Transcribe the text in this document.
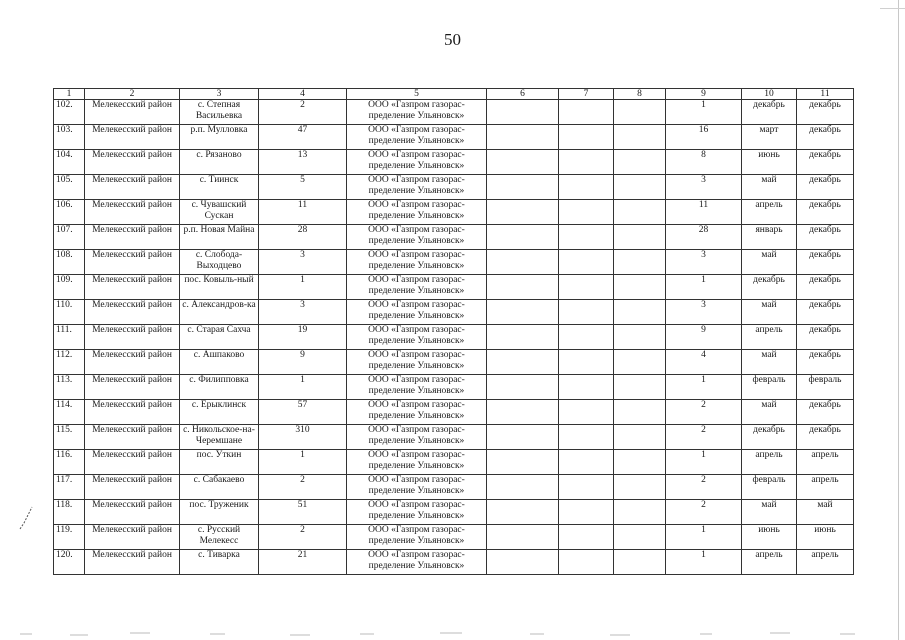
50
1	2	3	4	5	6	7	8	9	10	11
102.	Мелекесский район	с. Степная Васильевка	2	ООО «Газпром газорас-пределение Ульяновск»				1	декабрь	декабрь
103.	Мелекесский район	р.п. Мулловка	47	ООО «Газпром газорас-пределение Ульяновск»				16	март	декабрь
104.	Мелекесский район	с. Рязаново	13	ООО «Газпром газорас-пределение Ульяновск»				8	июнь	декабрь
105.	Мелекесский район	с. Тиинск	5	ООО «Газпром газорас-пределение Ульяновск»				3	май	декабрь
106.	Мелекесский район	с. Чувашский Сускан	11	ООО «Газпром газорас-пределение Ульяновск»				11	апрель	декабрь
107.	Мелекесский район	р.п. Новая Майна	28	ООО «Газпром газорас-пределение Ульяновск»				28	январь	декабрь
108.	Мелекесский район	с. Слобода-Выходцево	3	ООО «Газпром газорас-пределение Ульяновск»				3	май	декабрь
109.	Мелекесский район	пос. Ковыль-ный	1	ООО «Газпром газорас-пределение Ульяновск»				1	декабрь	декабрь
110.	Мелекесский район	с. Александров-ка	3	ООО «Газпром газорас-пределение Ульяновск»				3	май	декабрь
111.	Мелекесский район	с. Старая Сахча	19	ООО «Газпром газорас-пределение Ульяновск»				9	апрель	декабрь
112.	Мелекесский район	с. Ашпаково	9	ООО «Газпром газорас-пределение Ульяновск»				4	май	декабрь
113.	Мелекесский район	с. Филипповка	1	ООО «Газпром газорас-пределение Ульяновск»				1	февраль	февраль
114.	Мелекесский район	с. Ерыклинск	57	ООО «Газпром газорас-пределение Ульяновск»				2	май	декабрь
115.	Мелекесский район	с. Никольское-на-Черемшане	310	ООО «Газпром газорас-пределение Ульяновск»				2	декабрь	декабрь
116.	Мелекесский район	пос. Уткин	1	ООО «Газпром газорас-пределение Ульяновск»				1	апрель	апрель
117.	Мелекесский район	с. Сабакаево	2	ООО «Газпром газорас-пределение Ульяновск»				2	февраль	апрель
118.	Мелекесский район	пос. Труженик	51	ООО «Газпром газорас-пределение Ульяновск»				2	май	май
119.	Мелекесский район	с. Русский Мелекесс	2	ООО «Газпром газорас-пределение Ульяновск»				1	июнь	июнь
120.	Мелекесский район	с. Тиварка	21	ООО «Газпром газорас-пределение Ульяновск»				1	апрель	апрель
